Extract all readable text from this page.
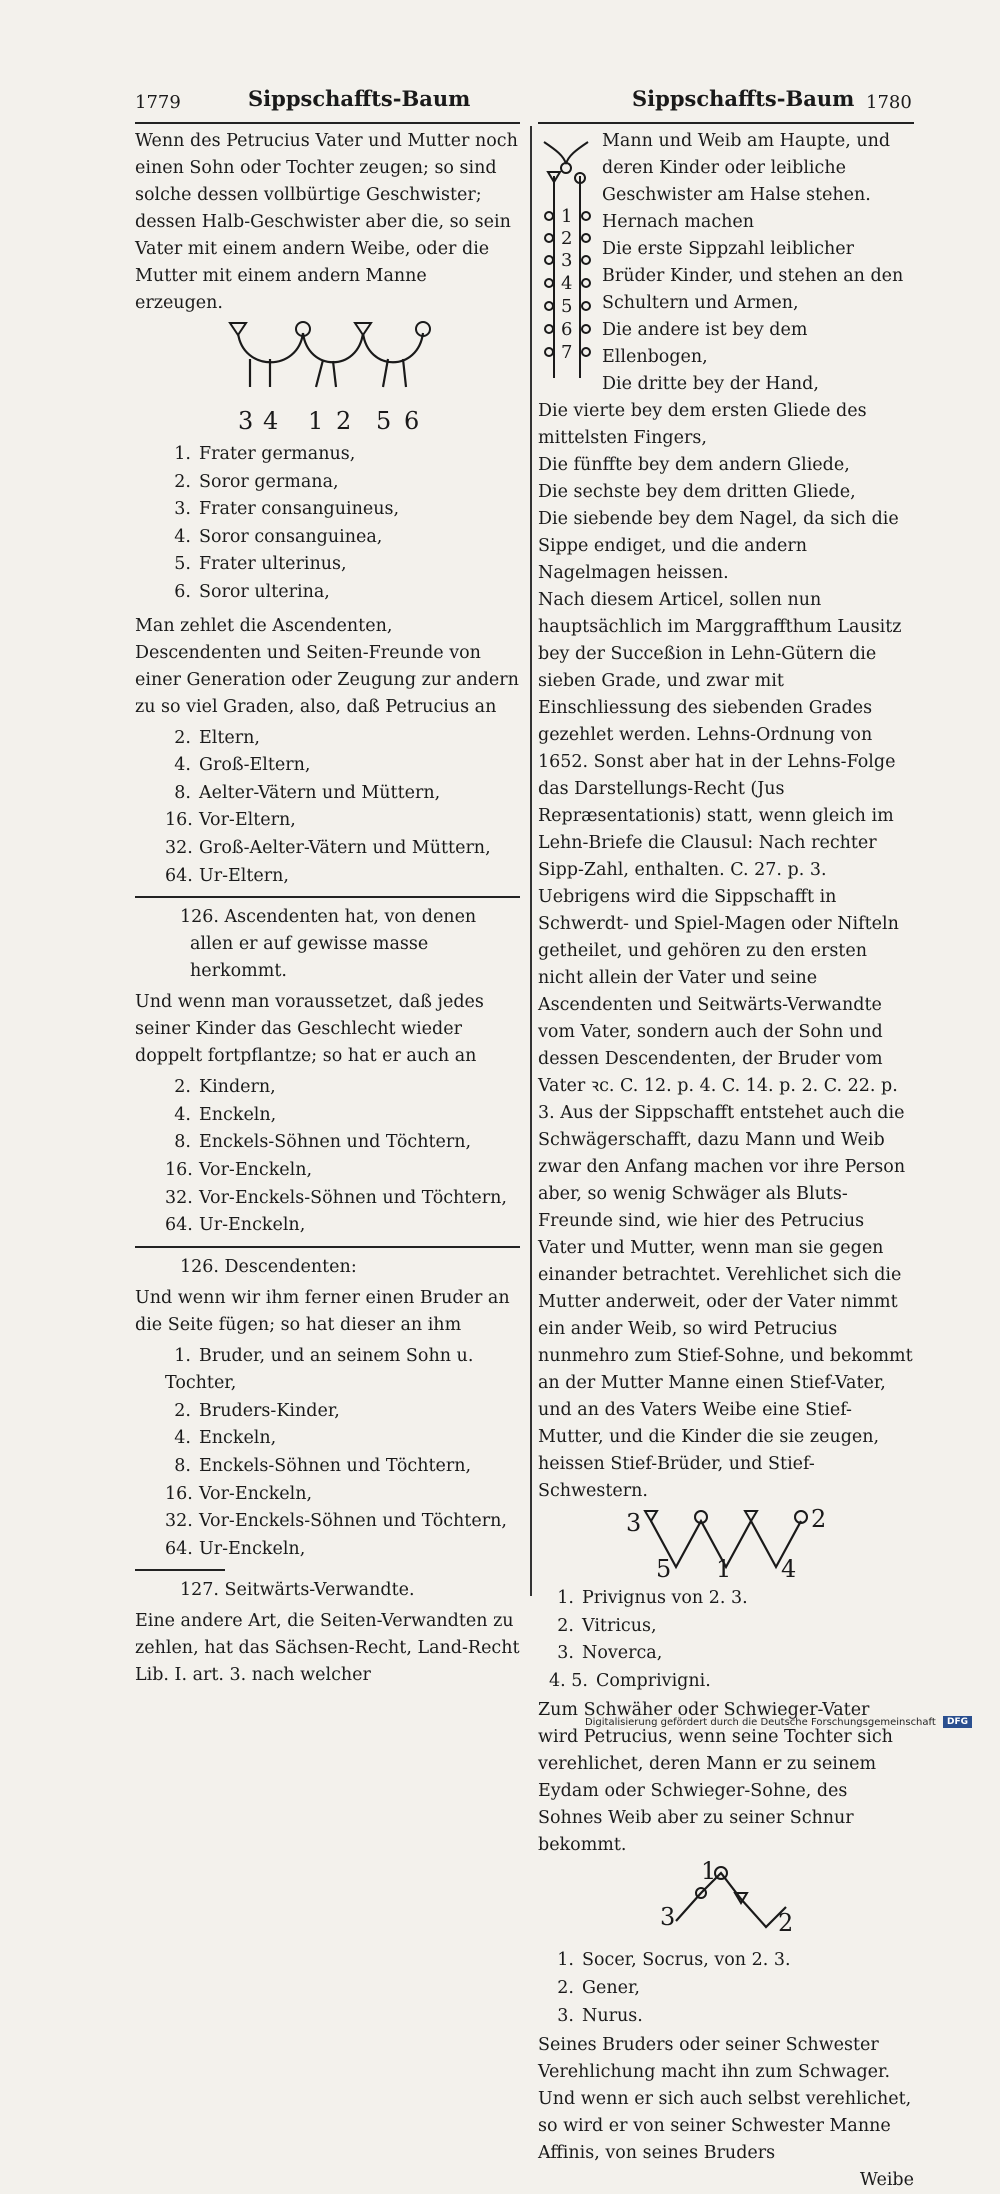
1779	Sippschaffts-Baum	Sippschaffts-Baum 1780

Wenn des Petrucius Vater und Mutter noch einen Sohn oder Tochter zeugen; so sind solche dessen vollbürtige Geschwister; dessen Halb-Geschwister aber die, so sein Vater mit einem andern Weibe, oder die Mutter mit einem andern Manne erzeugen.

3 4 1 2 5 6
1. Frater germanus,
2. Soror germana,
3. Frater consanguineus,
4. Soror consanguinea,
5. Frater ulterinus,
6. Soror ulterina,

Man zehlet die Ascendenten, Descendenten und Seiten-Freunde von einer Generation oder Zeugung zur andern zu so viel Graden, also, daß Petrucius an

2. Eltern,
4. Groß-Eltern,
8. Aelter-Vätern und Müttern,
16. Vor-Eltern,
32. Groß-Aelter-Vätern und Müttern,
64. Ur-Eltern,

126. Ascendenten hat, von denen allen er auf gewisse masse herkommt.

Und wenn man voraussetzet, daß jedes seiner Kinder das Geschlecht wieder doppelt fortpflantze; so hat er auch an

2. Kindern,
4. Enckeln,
8. Enckels-Söhnen und Töchtern,
16. Vor-Enckeln,
32. Vor-Enckels-Söhnen und Töchtern,
64. Ur-Enckeln,

126. Descendenten:

Und wenn wir ihm ferner einen Bruder an die Seite fügen; so hat dieser an ihm

1. Bruder, und an seinem Sohn u. Tochter,
2. Bruders-Kinder,
4. Enckeln,
8. Enckels-Söhnen und Töchtern,
16. Vor-Enckeln,
32. Vor-Enckels-Söhnen und Töchtern,
64. Ur-Enckeln,

127. Seitwärts-Verwandte.

Eine andere Art, die Seiten-Verwandten zu zehlen, hat das Sächsen-Recht, Land-Recht Lib. I. art. 3. nach welcher

1
2
3
4
5
6
7

Mann und Weib am Haupte, und deren Kinder oder leibliche Geschwister am Halse stehen. Hernach machen

Die erste Sippzahl leiblicher Brüder Kinder, und stehen an den Schultern und Armen,

Die andere ist bey dem Ellenbogen,

Die dritte bey der Hand,

Die vierte bey dem ersten Gliede des mittelsten Fingers,

Die fünffte bey dem andern Gliede,

Die sechste bey dem dritten Gliede,

Die siebende bey dem Nagel, da sich die Sippe endiget, und die andern Nagelmagen heissen.

Nach diesem Articel, sollen nun hauptsächlich im Marggraffthum Lausitz bey der Succeßion in Lehn-Gütern die sieben Grade, und zwar mit Einschliessung des siebenden Grades gezehlet werden. Lehns-Ordnung von 1652. Sonst aber hat in der Lehns-Folge das Darstellungs-Recht (Jus Repræsentationis) statt, wenn gleich im Lehn-Briefe die Clausul: Nach rechter Sipp-Zahl, enthalten. C. 27. p. 3. Uebrigens wird die Sippschafft in Schwerdt- und Spiel-Magen oder Nifteln getheilet, und gehören zu den ersten nicht allein der Vater und seine Ascendenten und Seitwärts-Verwandte vom Vater, sondern auch der Sohn und dessen Descendenten, der Bruder vom Vater ꝛc. C. 12. p. 4. C. 14. p. 2. C. 22. p. 3. Aus der Sippschafft entstehet auch die Schwägerschafft, dazu Mann und Weib zwar den Anfang machen vor ihre Person aber, so wenig Schwäger als Bluts-Freunde sind, wie hier des Petrucius Vater und Mutter, wenn man sie gegen einander betrachtet. Verehlichet sich die Mutter anderweit, oder der Vater nimmt ein ander Weib, so wird Petrucius nunmehro zum Stief-Sohne, und bekommt an der Mutter Manne einen Stief-Vater, und an des Vaters Weibe eine Stief-Mutter, und die Kinder die sie zeugen, heissen Stief-Brüder, und Stief-Schwestern.

3	2
5 1 4
1. Privignus von 2. 3.
2. Vitricus,
3. Noverca,
4. 5. Comprivigni.

Zum Schwäher oder Schwieger-Vater wird Petrucius, wenn seine Tochter sich verehlichet, deren Mann er zu seinem Eydam oder Schwieger-Sohne, des Sohnes Weib aber zu seiner Schnur bekommt.

1
3	2
1. Socer, Socrus, von 2. 3.
2. Gener,
3. Nurus.

Seines Bruders oder seiner Schwester Verehlichung macht ihn zum Schwager. Und wenn er sich auch selbst verehlichet, so wird er von seiner Schwester Manne Affinis, von seines Bruders

Weibe

Digitalisierung gefördert durch die Deutsche Forschungsgemeinschaft DFG
